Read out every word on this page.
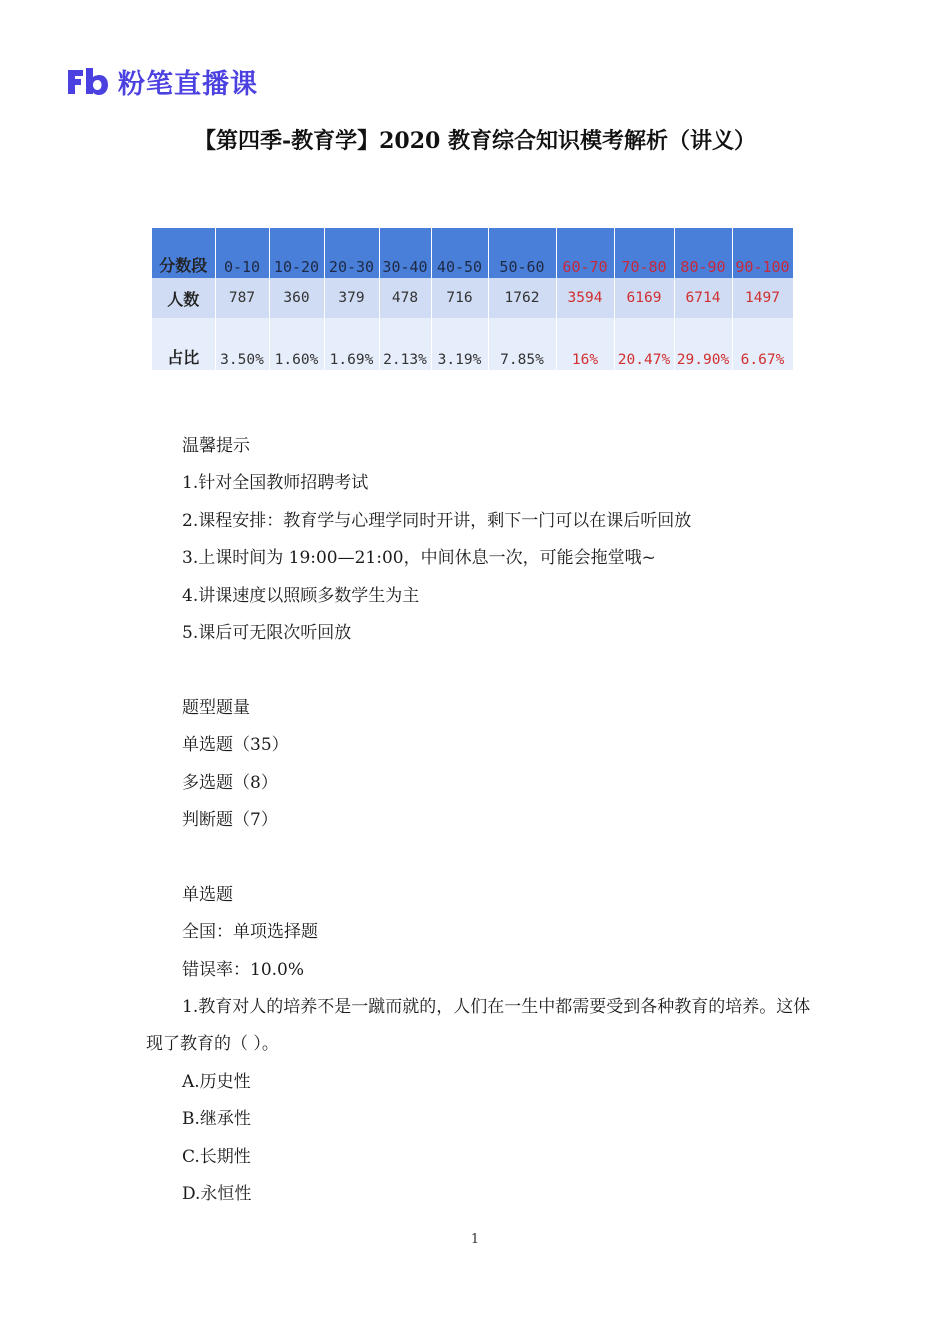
粉笔直播课
【第四季-教育学】2020 教育综合知识模考解析（讲义）
分数段	0-10	10-20	20-30	30-40	40-50	50-60	60-70	70-80	80-90	90-100
人数	787	360	379	478	716	1762	3594	6169	6714	1497
占比	3.50%	1.60%	1.69%	2.13%	3.19%	7.85%	16%	20.47%	29.90%	6.67%

温馨提示

1.针对全国教师招聘考试

2.课程安排：教育学与心理学同时开讲，剩下一门可以在课后听回放

3.上课时间为 19:00—21:00，中间休息一次，可能会拖堂哦~

4.讲课速度以照顾多数学生为主

5.课后可无限次听回放

题型题量

单选题（35）

多选题（8）

判断题（7）

单选题

全国：单项选择题

错误率：10.0%

1.教育对人的培养不是一蹴而就的，人们在一生中都需要受到各种教育的培养。这体现了教育的（ ）。

A.历史性

B.继承性

C.长期性

D.永恒性

1
